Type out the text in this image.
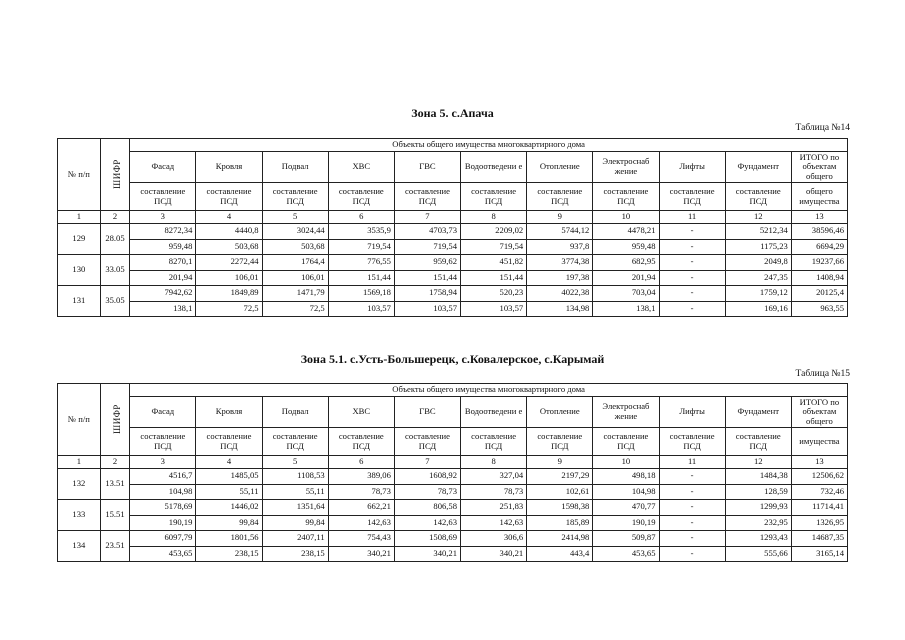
Зона 5. с.Апача
Таблица №14
№ п/п	ШИФР	Объекты общего имущества многоквартирного дома										
		Фасад	Кровля	Подвал	ХВС	ГВС	Водоотведени е	Отопление	Электроснаб жение	Лифты	Фундамент	ИТОГО по объектам общего
		составление ПСД	составление ПСД	составление ПСД	составление ПСД	составление ПСД	составление ПСД	составление ПСД	составление ПСД	составление ПСД	составление ПСД	общего имущества
1	2	3	4	5	6	7	8	9	10	11	12	13
129	28.05	8272,34	4440,8	3024,44	3535,9	4703,73	2209,02	5744,12	4478,21	-	5212,34	38596,46
		959,48	503,68	503,68	719,54	719,54	719,54	937,8	959,48	-	1175,23	6694,29
130	33.05	8270,1	2272,44	1764,4	776,55	959,62	451,82	3774,38	682,95	-	2049,8	19237,66
		201,94	106,01	106,01	151,44	151,44	151,44	197,38	201,94	-	247,35	1408,94
131	35.05	7942,62	1849,89	1471,79	1569,18	1758,94	520,23	4022,38	703,04	-	1759,12	20125,4
		138,1	72,5	72,5	103,57	103,57	103,57	134,98	138,1	-	169,16	963,55
Зона 5.1. с.Усть-Большерецк, с.Ковалерское, с.Карымай
Таблица №15
№ п/п	ШИФР	Объекты общего имущества многоквартирного дома										
		Фасад	Кровля	Подвал	ХВС	ГВС	Водоотведени е	Отопление	Электроснаб жение	Лифты	Фундамент	ИТОГО по объектам общего
		составление ПСД	составление ПСД	составление ПСД	составление ПСД	составление ПСД	составление ПСД	составление ПСД	составление ПСД	составление ПСД	составление ПСД	имущества
1	2	3	4	5	6	7	8	9	10	11	12	13
132	13.51	4516,7	1485,05	1108,53	389,06	1608,92	327,04	2197,29	498,18	-	1484,38	12506,62
		104,98	55,11	55,11	78,73	78,73	78,73	102,61	104,98	-	128,59	732,46
133	15.51	5178,69	1446,02	1351,64	662,21	806,58	251,83	1598,38	470,77	-	1299,93	11714,41
		190,19	99,84	99,84	142,63	142,63	142,63	185,89	190,19	-	232,95	1326,95
134	23.51	6097,79	1801,56	2407,11	754,43	1508,69	306,6	2414,98	509,87	-	1293,43	14687,35
		453,65	238,15	238,15	340,21	340,21	340,21	443,4	453,65	-	555,66	3165,14
